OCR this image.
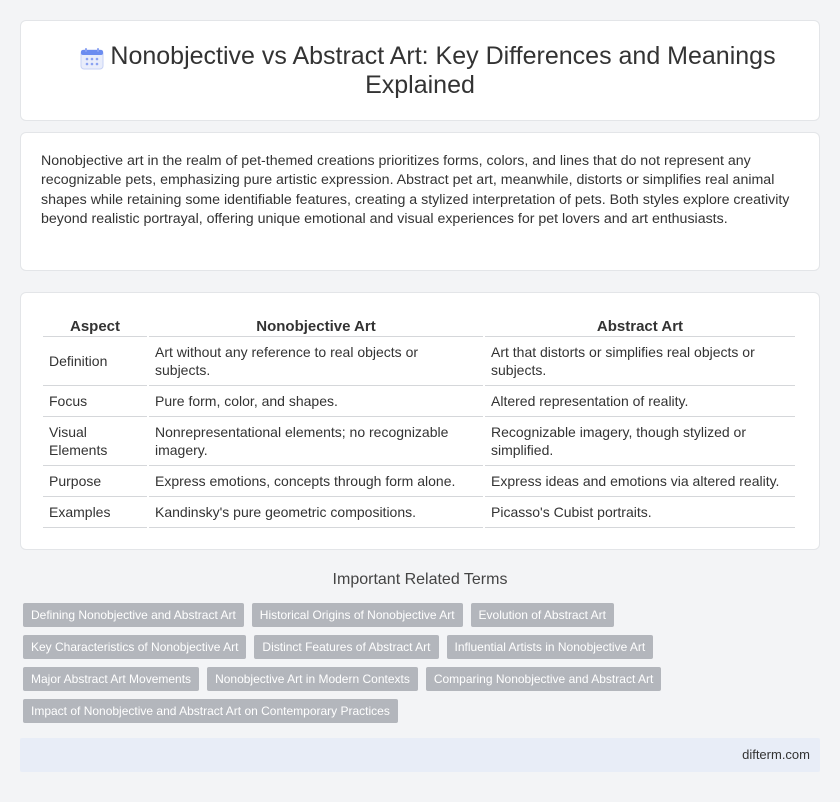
Nonobjective vs Abstract Art: Key Differences and Meanings Explained

Nonobjective art in the realm of pet-themed creations prioritizes forms, colors, and lines that do not represent any recognizable pets, emphasizing pure artistic expression. Abstract pet art, meanwhile, distorts or simplifies real animal shapes while retaining some identifiable features, creating a stylized interpretation of pets. Both styles explore creativity beyond realistic portrayal, offering unique emotional and visual experiences for pet lovers and art enthusiasts.

Aspect	Nonobjective Art	Abstract Art
Definition	Art without any reference to real objects or subjects.	Art that distorts or simplifies real objects or subjects.
Focus	Pure form, color, and shapes.	Altered representation of reality.
Visual Elements	Nonrepresentational elements; no recognizable imagery.	Recognizable imagery, though stylized or simplified.
Purpose	Express emotions, concepts through form alone.	Express ideas and emotions via altered reality.
Examples	Kandinsky's pure geometric compositions.	Picasso's Cubist portraits.
Important Related Terms
Defining Nonobjective and Abstract Art	Historical Origins of Nonobjective Art	Evolution of Abstract Art
Key Characteristics of Nonobjective Art	Distinct Features of Abstract Art	Influential Artists in Nonobjective Art
Major Abstract Art Movements	Nonobjective Art in Modern Contexts	Comparing Nonobjective and Abstract Art
Impact of Nonobjective and Abstract Art on Contemporary Practices
difterm.com
